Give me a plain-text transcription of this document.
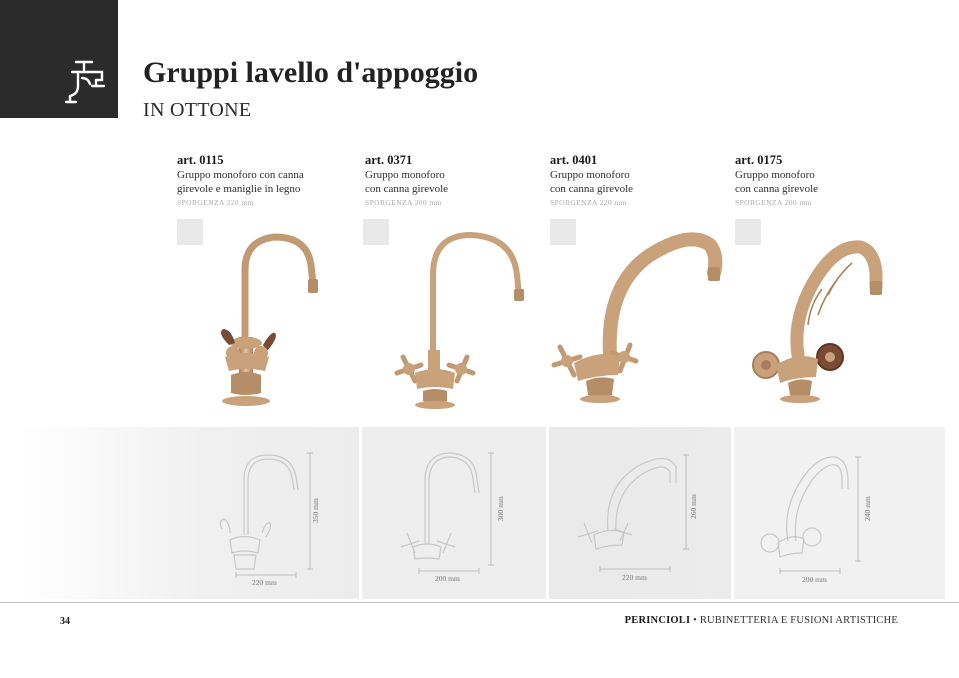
Gruppi lavello d'appoggio
IN OTTONE
art. 0115
Gruppo monoforo con canna
girevole e maniglie in legno
SPORGENZA 220 mm
art. 0371
Gruppo monoforo
con canna girevole
SPORGENZA 200 mm
art. 0401
Gruppo monoforo
con canna girevole
SPORGENZA 220 mm
art. 0175
Gruppo monoforo
con canna girevole
SPORGENZA 200 mm
350 mm
220 mm
300 mm
200 mm
260 mm
220 mm
240 mm
200 mm
34	PERINCIOLI • RUBINETTERIA E FUSIONI ARTISTICHE
